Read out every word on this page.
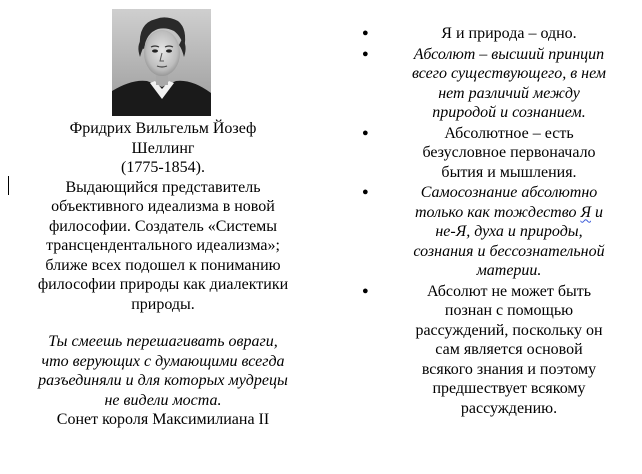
Фридрих Вильгельм Йозеф
Шеллинг
(1775-1854).
Выдающийся представитель
объективного идеализма в новой
философии. Создатель «Системы
трансцендентального идеализма»;
ближе всех подошел к пониманию
философии природы как диалектики
природы.
Ты смеешь перешагивать овраги,
что верующих с думающими всегда
разъединяли и для которых мудрецы
не видели моста.
Сонет короля Максимилиана II
●	Я и природа – одно.
●	Абсолют – высший принцип
всего существующего, в нем
нет различий между
природой и сознанием.
●	Абсолютное – есть
безусловное первоначало
бытия и мышления.
●	Самосознание абсолютно
только как тождество Я и
не-Я, духа и природы,
сознания и бессознательной
материи.
●	Абсолют не может быть
познан с помощью
рассуждений, поскольку он
сам является основой
всякого знания и поэтому
предшествует всякому
рассуждению.
